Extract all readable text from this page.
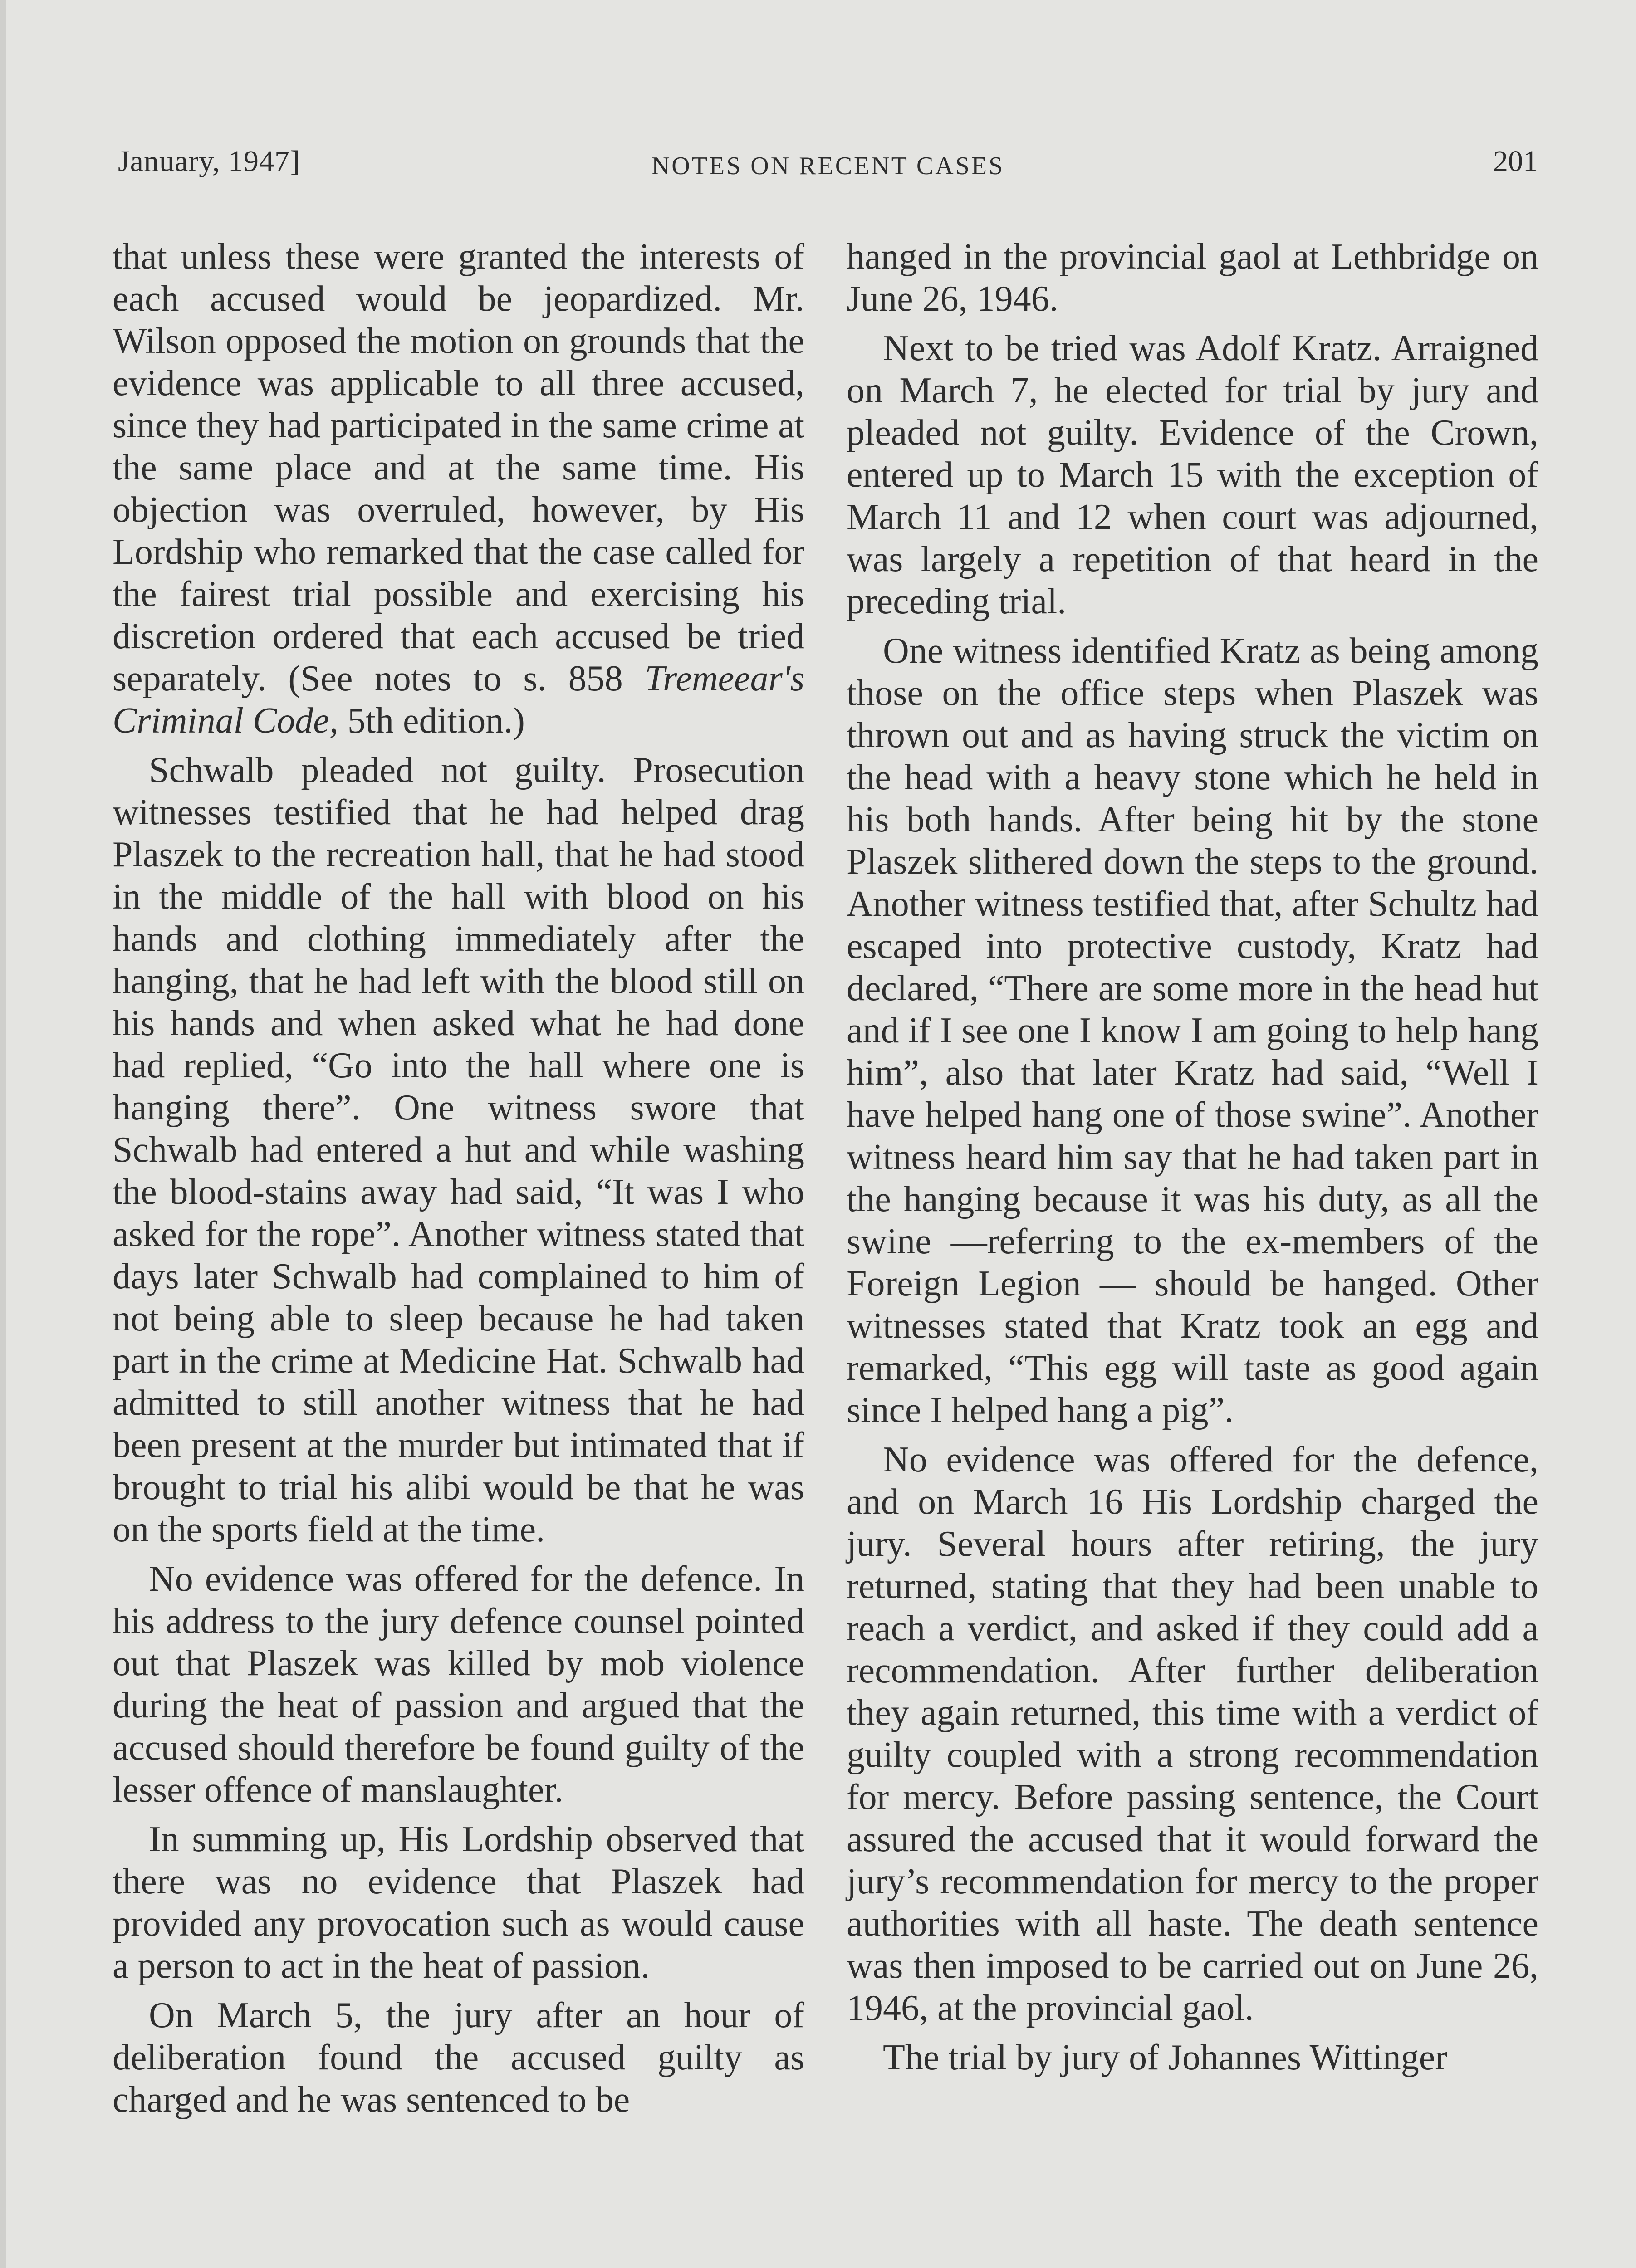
January, 1947]	NOTES ON RECENT CASES	201

that unless these were granted the interests of each accused would be jeopardized. Mr. Wilson opposed the motion on grounds that the evidence was applicable to all three accused, since they had participated in the same crime at the same place and at the same time. His objection was overruled, however, by His Lordship who remarked that the case called for the fairest trial possible and exercising his discretion ordered that each accused be tried separately. (See notes to s. 858 Tremeear's Criminal Code, 5th edition.)

Schwalb pleaded not guilty. Prosecution witnesses testified that he had helped drag Plaszek to the recreation hall, that he had stood in the middle of the hall with blood on his hands and clothing immediately after the hanging, that he had left with the blood still on his hands and when asked what he had done had replied, “Go into the hall where one is hanging there”. One witness swore that Schwalb had entered a hut and while washing the blood-stains away had said, “It was I who asked for the rope”. Another witness stated that days later Schwalb had complained to him of not being able to sleep because he had taken part in the crime at Medicine Hat. Schwalb had admitted to still another witness that he had been present at the murder but intimated that if brought to trial his alibi would be that he was on the sports field at the time.

No evidence was offered for the defence. In his address to the jury defence counsel pointed out that Plaszek was killed by mob violence during the heat of passion and argued that the accused should therefore be found guilty of the lesser offence of manslaughter.

In summing up, His Lordship observed that there was no evidence that Plaszek had provided any provocation such as would cause a person to act in the heat of passion.

On March 5, the jury after an hour of deliberation found the accused guilty as charged and he was sentenced to be

hanged in the provincial gaol at Lethbridge on June 26, 1946.

Next to be tried was Adolf Kratz. Arraigned on March 7, he elected for trial by jury and pleaded not guilty. Evidence of the Crown, entered up to March 15 with the exception of March 11 and 12 when court was adjourned, was largely a repetition of that heard in the preceding trial.

One witness identified Kratz as being among those on the office steps when Plaszek was thrown out and as having struck the victim on the head with a heavy stone which he held in his both hands. After being hit by the stone Plaszek slithered down the steps to the ground. Another witness testified that, after Schultz had escaped into protective custody, Kratz had declared, “There are some more in the head hut and if I see one I know I am going to help hang him”, also that later Kratz had said, “Well I have helped hang one of those swine”. Another witness heard him say that he had taken part in the hanging because it was his duty, as all the swine —referring to the ex-members of the Foreign Legion — should be hanged. Other witnesses stated that Kratz took an egg and remarked, “This egg will taste as good again since I helped hang a pig”.

No evidence was offered for the defence, and on March 16 His Lordship charged the jury. Several hours after retiring, the jury returned, stating that they had been unable to reach a verdict, and asked if they could add a recommendation. After further deliberation they again returned, this time with a verdict of guilty coupled with a strong recommendation for mercy. Before passing sentence, the Court assured the accused that it would forward the jury’s recommendation for mercy to the proper authorities with all haste. The death sentence was then imposed to be carried out on June 26, 1946, at the provincial gaol.

The trial by jury of Johannes Wittinger
